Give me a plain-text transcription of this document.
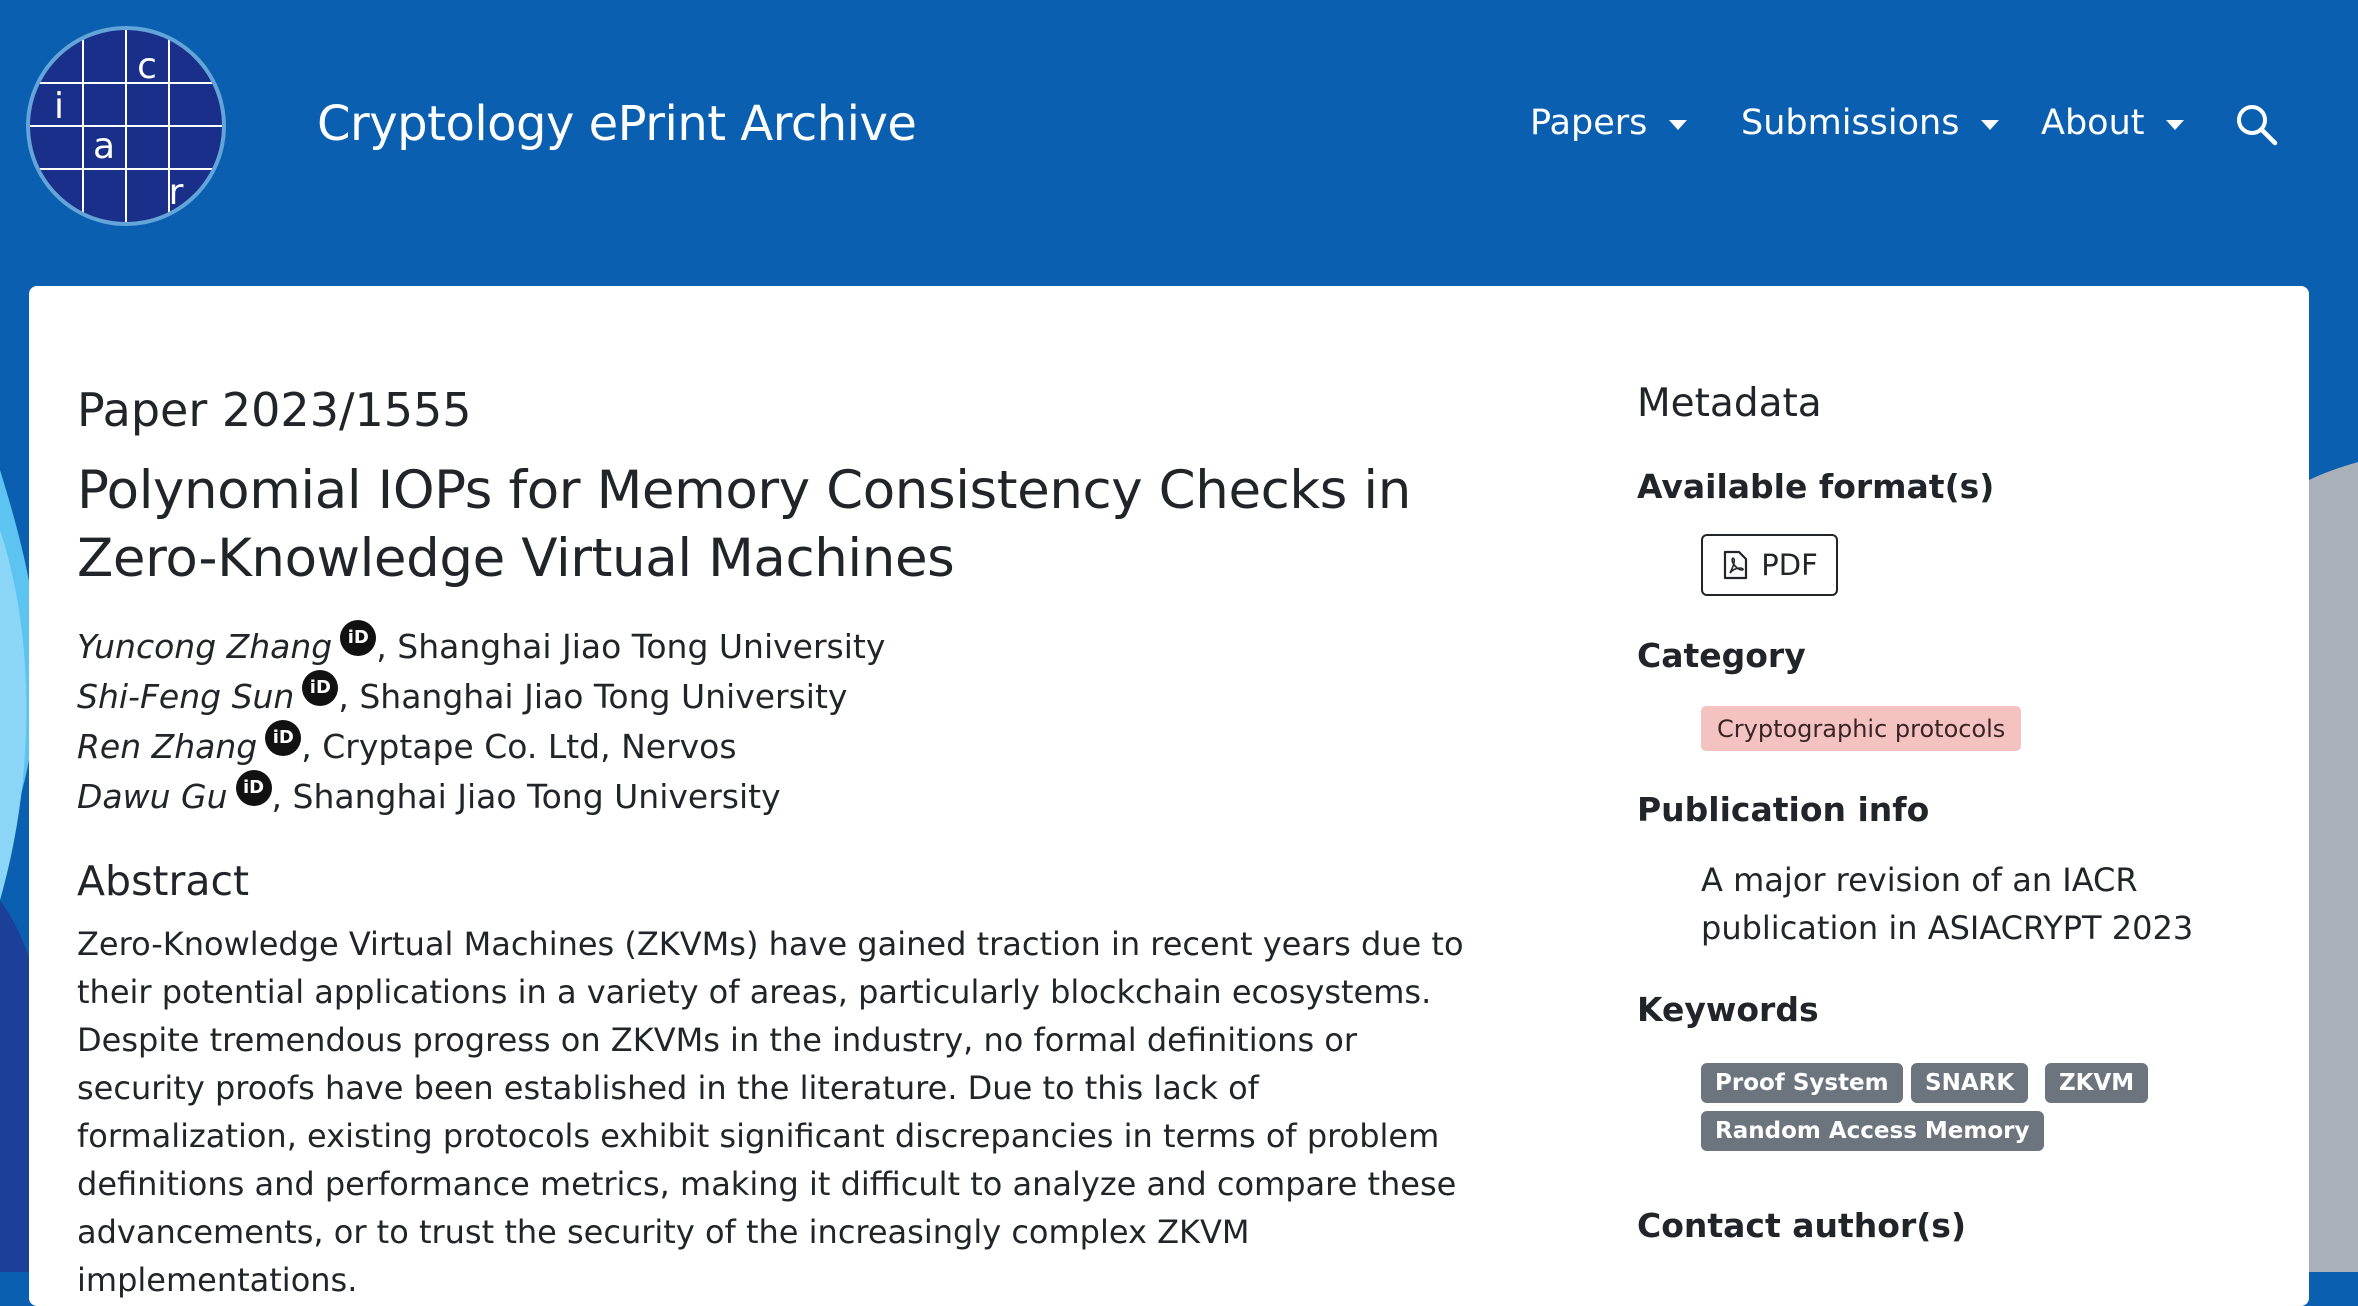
c
i
a
r
Cryptology ePrint Archive	Papers	Submissions About
Paper 2023/1555
Polynomial IOPs for Memory Consistency Checks in Zero-Knowledge Virtual Machines
Yuncong Zhang iD , Shanghai Jiao Tong University
Shi-Feng Sun iD , Shanghai Jiao Tong University
Ren Zhang iD , Cryptape Co. Ltd, Nervos
Dawu Gu iD , Shanghai Jiao Tong University
Abstract

Zero-Knowledge Virtual Machines (ZKVMs) have gained traction in recent years due to their potential applications in a variety of areas, particularly blockchain ecosystems. Despite tremendous progress on ZKVMs in the industry, no formal definitions or security proofs have been established in the literature. Due to this lack of formalization, existing protocols exhibit significant discrepancies in terms of problem definitions and performance metrics, making it difficult to analyze and compare these advancements, or to trust the security of the increasingly complex ZKVM implementations.

Metadata
Available format(s)
PDF
Category
Cryptographic protocols
Publication info
A major revision of an IACR publication in ASIACRYPT 2023
Keywords
Proof System	SNARK	ZKVM
Random Access Memory
Contact author(s)
